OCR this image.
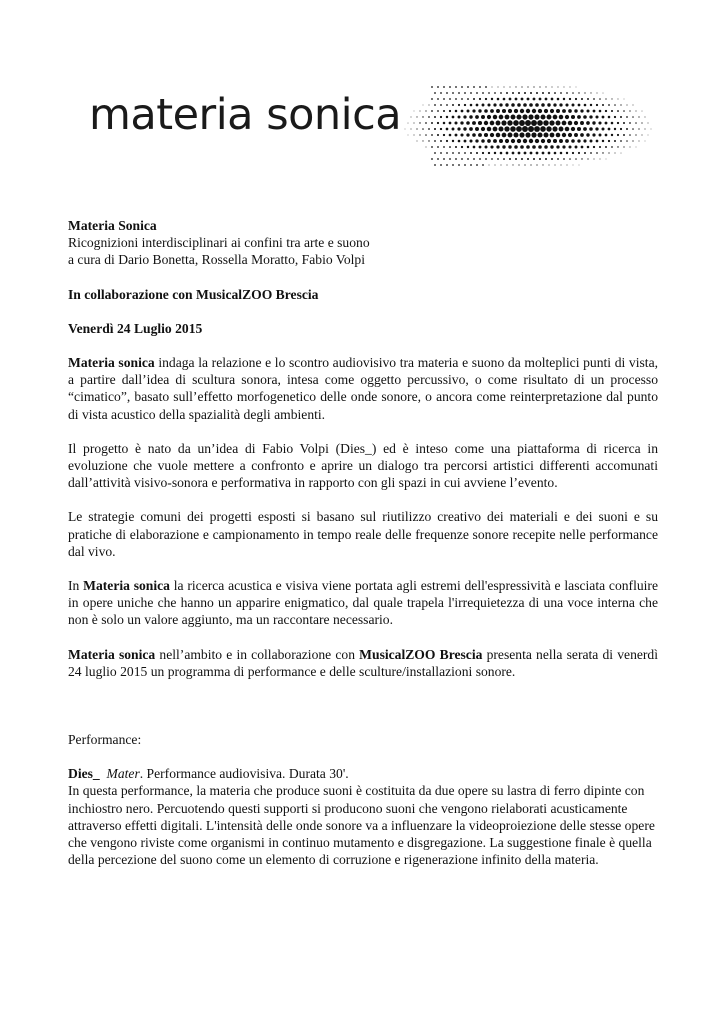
materia sonica

Materia Sonica

Ricognizioni interdisciplinari ai confini tra arte e suono

a cura di Dario Bonetta, Rossella Moratto, Fabio Volpi

In collaborazione con MusicalZOO Brescia

Venerdì 24 Luglio 2015

Materia sonica indaga la relazione e lo scontro audiovisivo tra materia e suono da molteplici punti di vista, a partire dall’idea di scultura sonora, intesa come oggetto percussivo, o come risultato di un processo “cimatico”, basato sull’effetto morfogenetico delle onde sonore, o ancora come reinterpretazione dal punto di vista acustico della spazialità degli ambienti.

Il progetto è nato da un’idea di Fabio Volpi (Dies_) ed è inteso come una piattaforma di ricerca in evoluzione che vuole mettere a confronto e aprire un dialogo tra percorsi artistici differenti accomunati dall’attività visivo-sonora e performativa in rapporto con gli spazi in cui avviene l’evento.

Le strategie comuni dei progetti esposti si basano sul riutilizzo creativo dei materiali e dei suoni e su pratiche di elaborazione e campionamento in tempo reale delle frequenze sonore recepite nelle performance dal vivo.

In Materia sonica la ricerca acustica e visiva viene portata agli estremi dell'espressività e lasciata confluire in opere uniche che hanno un apparire enigmatico, dal quale trapela l'irrequietezza di una voce interna che non è solo un valore aggiunto, ma un raccontare necessario.

Materia sonica nell’ambito e in collaborazione con MusicalZOO Brescia presenta nella serata di venerdì 24 luglio 2015 un programma di performance e delle sculture/installazioni sonore.

Performance:

Dies_ Mater. Performance audiovisiva. Durata 30'.

In questa performance, la materia che produce suoni è costituita da due opere su lastra di ferro dipinte con inchiostro nero. Percuotendo questi supporti si producono suoni che vengono rielaborati acusticamente attraverso effetti digitali. L'intensità delle onde sonore va a influenzare la videoproiezione delle stesse opere che vengono riviste come organismi in continuo mutamento e disgregazione. La suggestione finale è quella della percezione del suono come un elemento di corruzione e rigenerazione infinito della materia.
